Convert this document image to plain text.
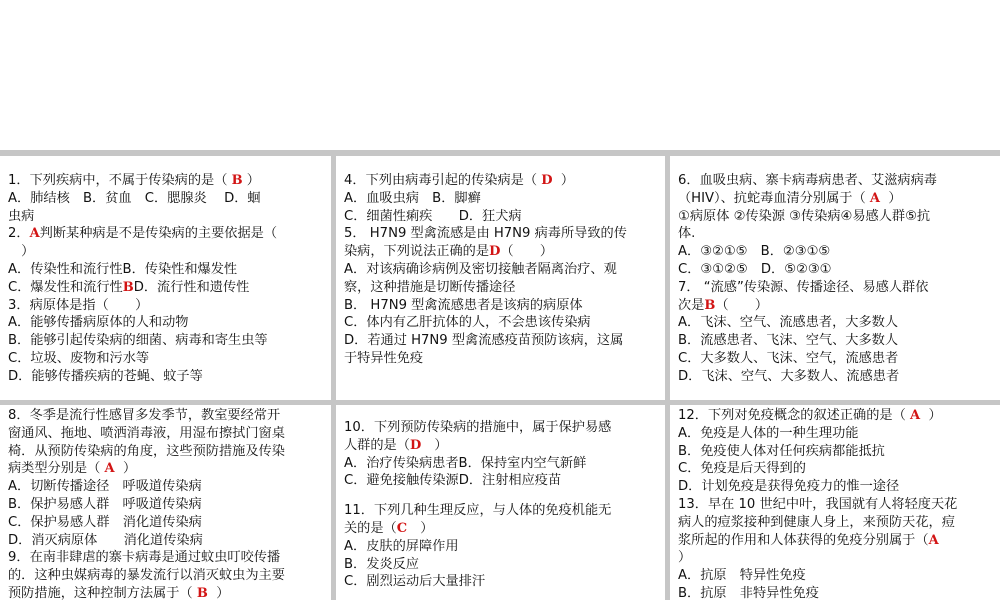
1．下列疾病中，不属于传染病的是（ B ）
A．肺结核　B．贫血　C．腮腺炎　 D．蛔
虫病
2．A判断某种病是不是传染病的主要依据是（
　）
A．传染性和流行性B．传染性和爆发性
C．爆发性和流行性BD．流行性和遗传性
3．病原体是指（　　）
A．能够传播病原体的人和动物
B．能够引起传染病的细菌、病毒和寄生虫等
C．垃圾、废物和污水等
D．能够传播疾病的苍蝇、蚊子等
4．下列由病毒引起的传染病是（ D  ）
A．血吸虫病　B．脚癣
C．细菌性痢疾　　D．狂犬病
5． H7N9 型禽流感是由 H7N9 病毒所导致的传
染病，下列说法正确的是D（　　）
A．对该病确诊病例及密切接触者隔离治疗、观
察，这种措施是切断传播途径
B． H7N9 型禽流感患者是该病的病原体
C．体内有乙肝抗体的人，不会患该传染病
D．若通过 H7N9 型禽流感疫苗预防该病，这属
于特异性免疫
6．血吸虫病、寨卡病毒病患者、艾滋病病毒
（HIV）、抗蛇毒血清分别属于（ A  ）
①病原体 ②传染源 ③传染病④易感人群⑤抗
体.
A．③②①⑤　B．②③①⑤
C．③①②⑤　D．⑤②③①
7． “流感”传染源、传播途径、易感人群依
次是B（　　）
A．飞沫、空气、流感患者，大多数人
B．流感患者、飞沫、空气、大多数人
C．大多数人、飞沫、空气，流感患者
D．飞沫、空气、大多数人、流感患者
8．冬季是流行性感冒多发季节，教室要经常开
窗通风、拖地、喷洒消毒液，用湿布擦拭门窗桌
椅．从预防传染病的角度，这些预防措施及传染
病类型分别是（ A  ）
A．切断传播途径　呼吸道传染病
B．保护易感人群　呼吸道传染病
C．保护易感人群　消化道传染病
D．消灭病原体　　消化道传染病
9．在南非肆虐的寨卡病毒是通过蚊虫叮咬传播
的．这种虫媒病毒的暴发流行以消灭蚊虫为主要
预防措施，这种控制方法属于（ B  ）
10．下列预防传染病的措施中，属于保护易感
人群的是（D　）
A．治疗传染病患者B．保持室内空气新鲜
C．避免接触传染源D．注射相应疫苗
11．下列几种生理反应，与人体的免疫机能无
关的是（C　）
A．皮肤的屏障作用
B．发炎反应
C．剧烈运动后大量排汗
12．下列对免疫概念的叙述正确的是（ A  ）
A．免疫是人体的一种生理功能
B．免疫使人体对任何疾病都能抵抗
C．免疫是后天得到的
D．计划免疫是获得免疫力的惟一途径
13．早在 10 世纪中叶，我国就有人将轻度天花
病人的痘浆接种到健康人身上，来预防天花，痘
浆所起的作用和人体获得的免疫分别属于（A
）
A．抗原　特异性免疫
B．抗原　非特异性免疫
